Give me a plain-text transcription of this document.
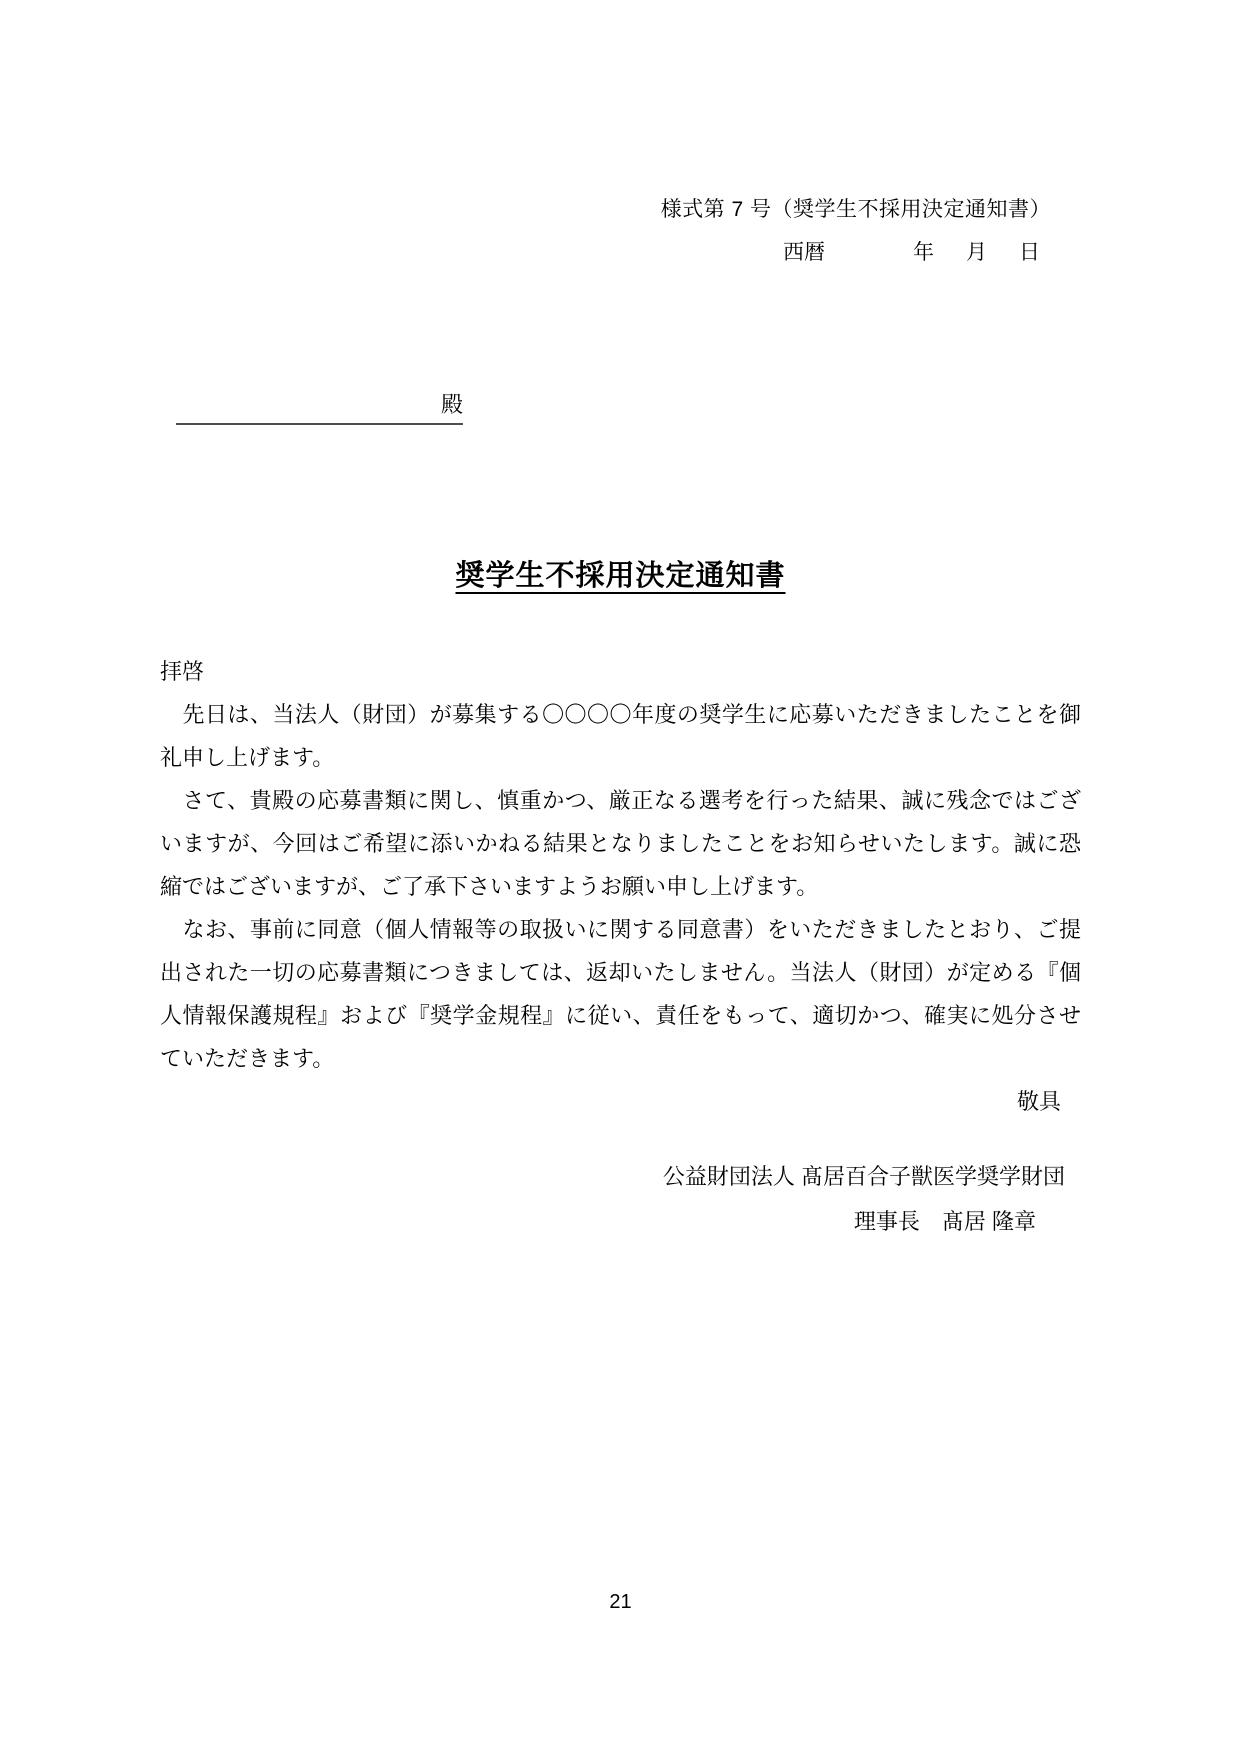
様式第 7 号（奨学生不採用決定通知書）
西暦	年 月 日
殿
奨学生不採用決定通知書

拝啓

　先日は、当法人（財団）が募集する〇〇〇〇年度の奨学生に応募いただきましたことを御礼申し上げます。

　さて、貴殿の応募書類に関し、慎重かつ、厳正なる選考を行った結果、誠に残念ではございますが、今回はご希望に添いかねる結果となりましたことをお知らせいたします。誠に恐縮ではございますが、ご了承下さいますようお願い申し上げます。

　なお、事前に同意（個人情報等の取扱いに関する同意書）をいただきましたとおり、ご提出された一切の応募書類につきましては、返却いたしません。当法人（財団）が定める『個人情報保護規程』および『奨学金規程』に従い、責任をもって、適切かつ、確実に処分させていただきます。

敬具

公益財団法人 髙居百合子獣医学奨学財団
理事長　髙居 隆章
21
